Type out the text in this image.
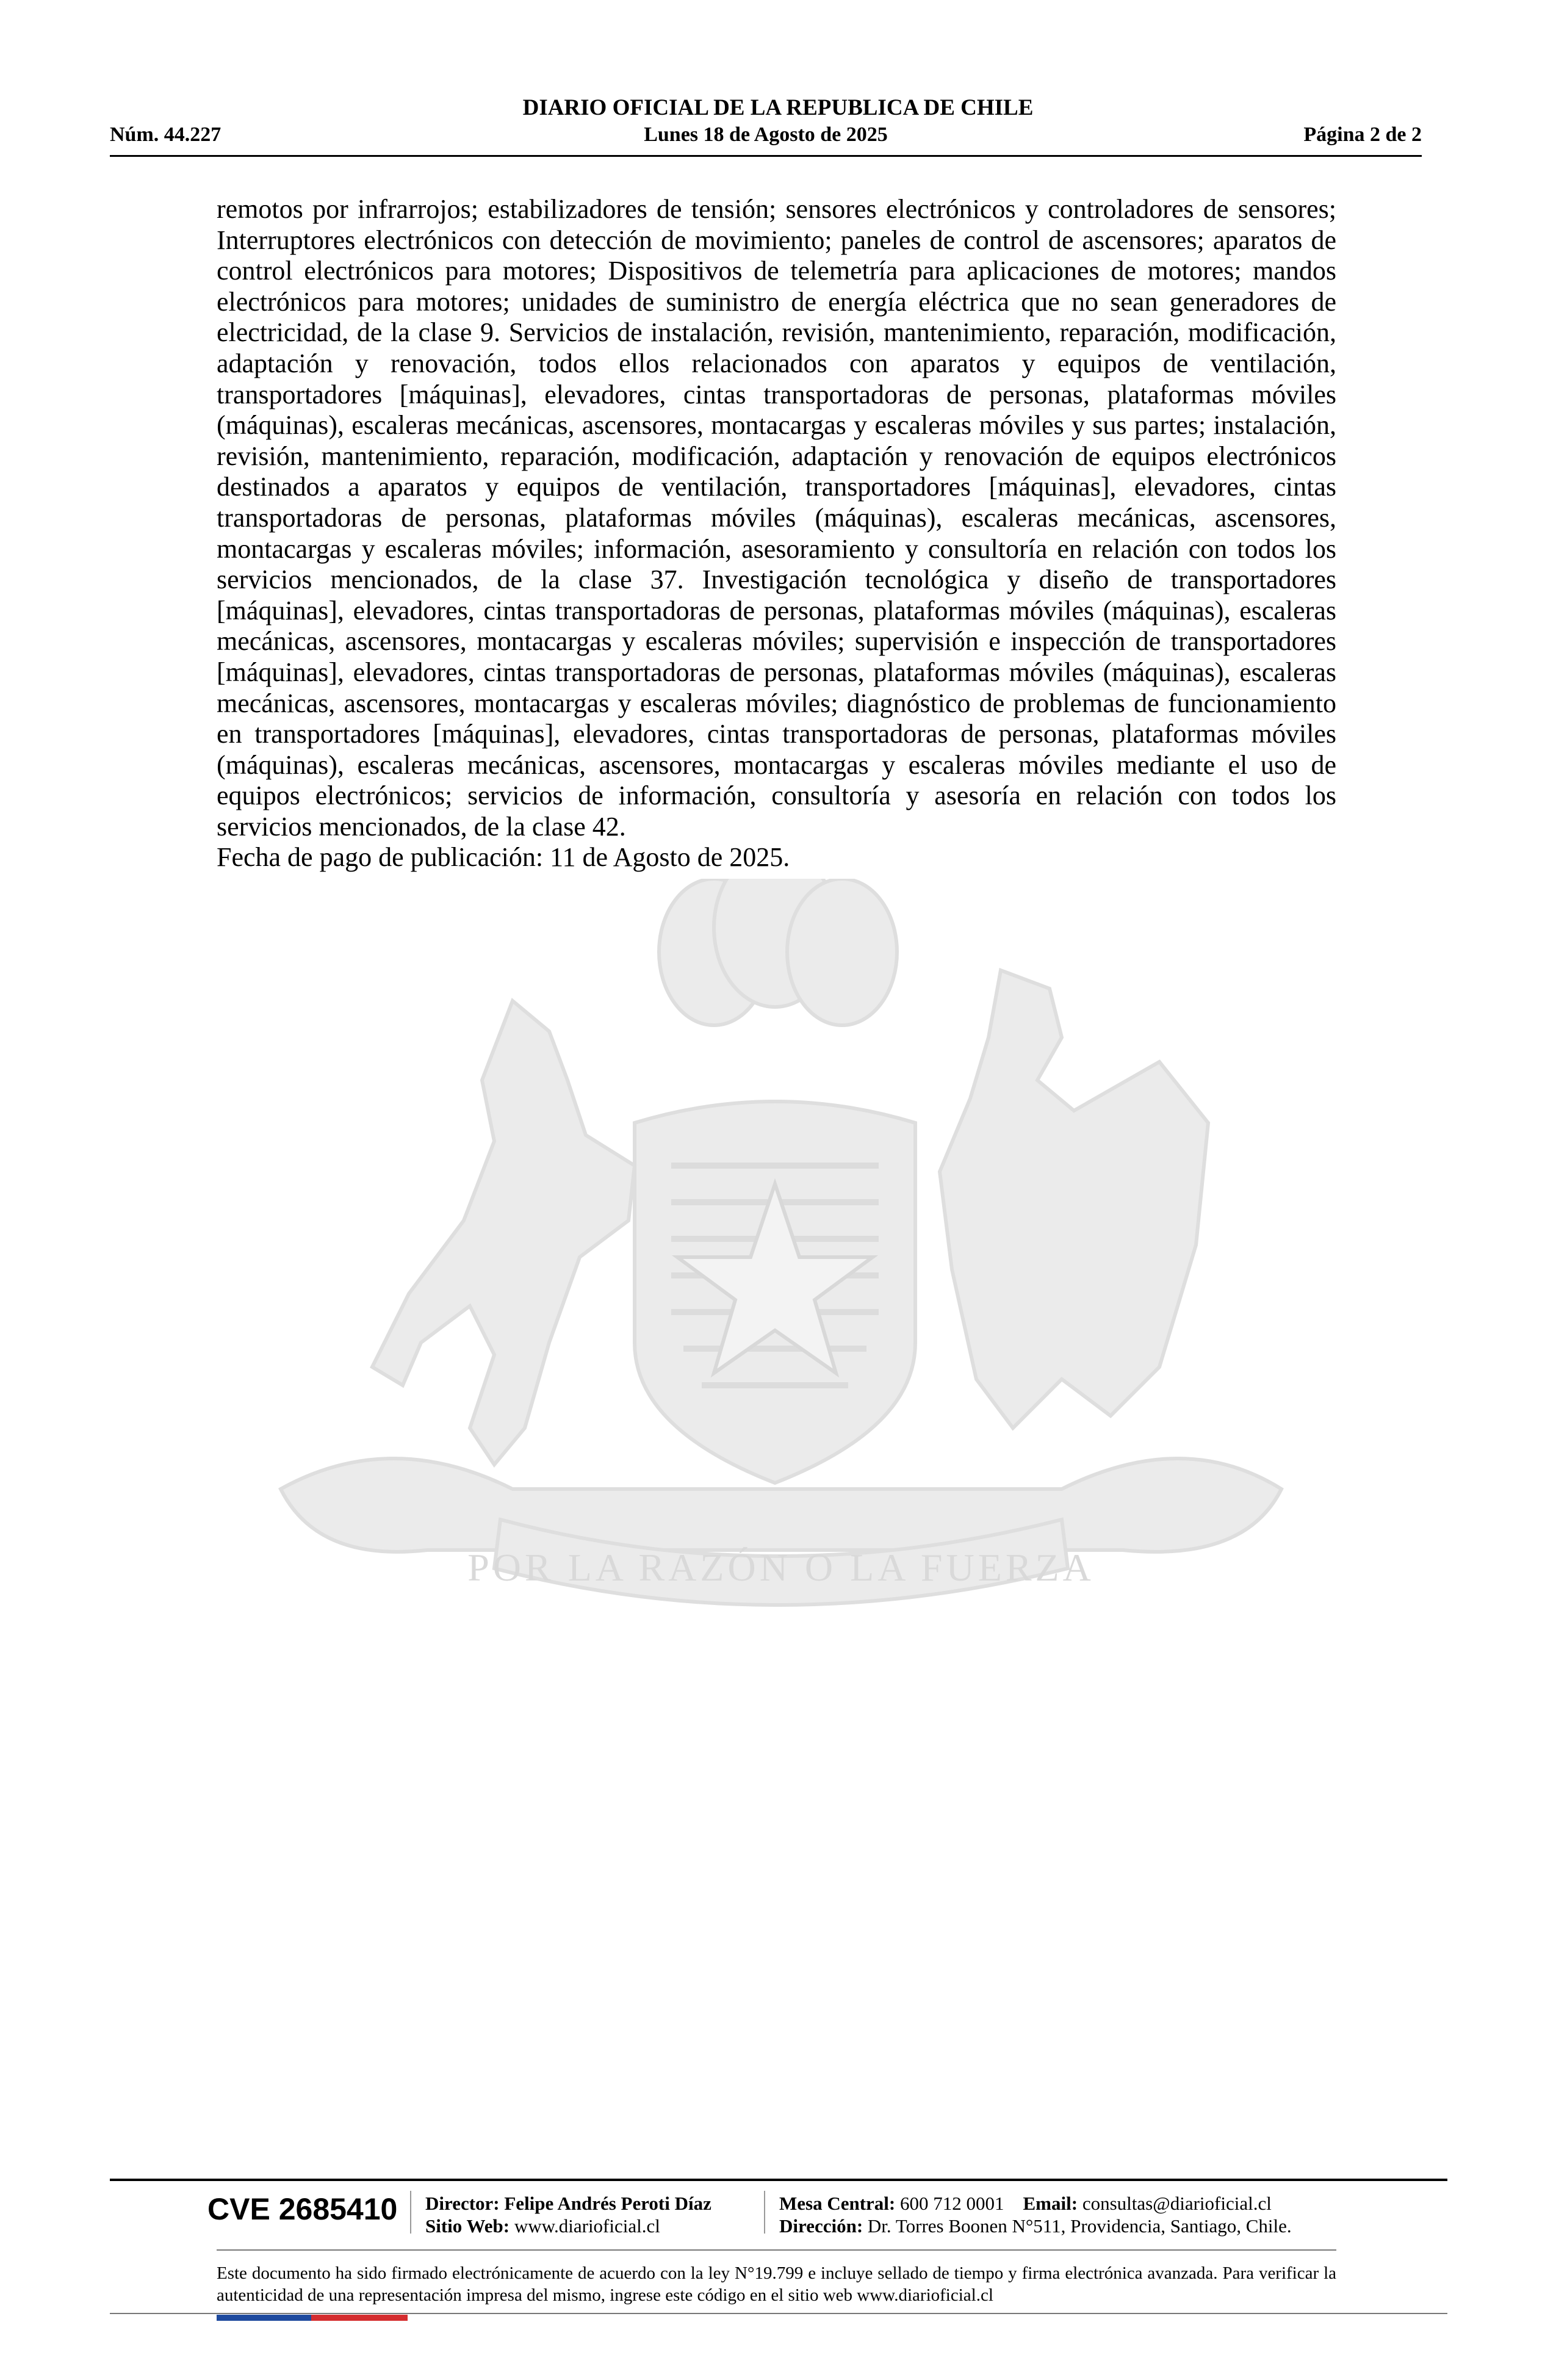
DIARIO OFICIAL DE LA REPUBLICA DE CHILE
Núm. 44.227	Lunes 18 de Agosto de 2025	Página 2 de 2
POR LA RAZÓN O LA FUERZA

remotos por infrarrojos; estabilizadores de tensión; sensores electrónicos y controladores de sensores; Interruptores electrónicos con detección de movimiento; paneles de control de ascensores; aparatos de control electrónicos para motores; Dispositivos de telemetría para aplicaciones de motores; mandos electrónicos para motores; unidades de suministro de energía eléctrica que no sean generadores de electricidad, de la clase 9. Servicios de instalación, revisión, mantenimiento, reparación, modificación, adaptación y renovación, todos ellos relacionados con aparatos y equipos de ventilación, transportadores [máquinas], elevadores, cintas transportadoras de personas, plataformas móviles (máquinas), escaleras mecánicas, ascensores, montacargas y escaleras móviles y sus partes; instalación, revisión, mantenimiento, reparación, modificación, adaptación y renovación de equipos electrónicos destinados a aparatos y equipos de ventilación, transportadores [máquinas], elevadores, cintas transportadoras de personas, plataformas móviles (máquinas), escaleras mecánicas, ascensores, montacargas y escaleras móviles; información, asesoramiento y consultoría en relación con todos los servicios mencionados, de la clase 37. Investigación tecnológica y diseño de transportadores [máquinas], elevadores, cintas transportadoras de personas, plataformas móviles (máquinas), escaleras mecánicas, ascensores, montacargas y escaleras móviles; supervisión e inspección de transportadores [máquinas], elevadores, cintas transportadoras de personas, plataformas móviles (máquinas), escaleras mecánicas, ascensores, montacargas y escaleras móviles; diagnóstico de problemas de funcionamiento en transportadores [máquinas], elevadores, cintas transportadoras de personas, plataformas móviles (máquinas), escaleras mecánicas, ascensores, montacargas y escaleras móviles mediante el uso de equipos electrónicos; servicios de información, consultoría y asesoría en relación con todos los servicios mencionados, de la clase 42.

Fecha de pago de publicación: 11 de Agosto de 2025.

CVE 2685410 Director: Felipe Andrés Peroti Díaz
Sitio Web: www.diarioficial.cl
Mesa Central: 600 712 0001 Email: consultas@diarioficial.cl
Dirección: Dr. Torres Boonen N°511, Providencia, Santiago, Chile.
Este documento ha sido firmado electrónicamente de acuerdo con la ley N°19.799 e incluye sellado de tiempo y firma electrónica avanzada. Para verificar la autenticidad de una representación impresa del mismo, ingrese este código en el sitio web www.diarioficial.cl
